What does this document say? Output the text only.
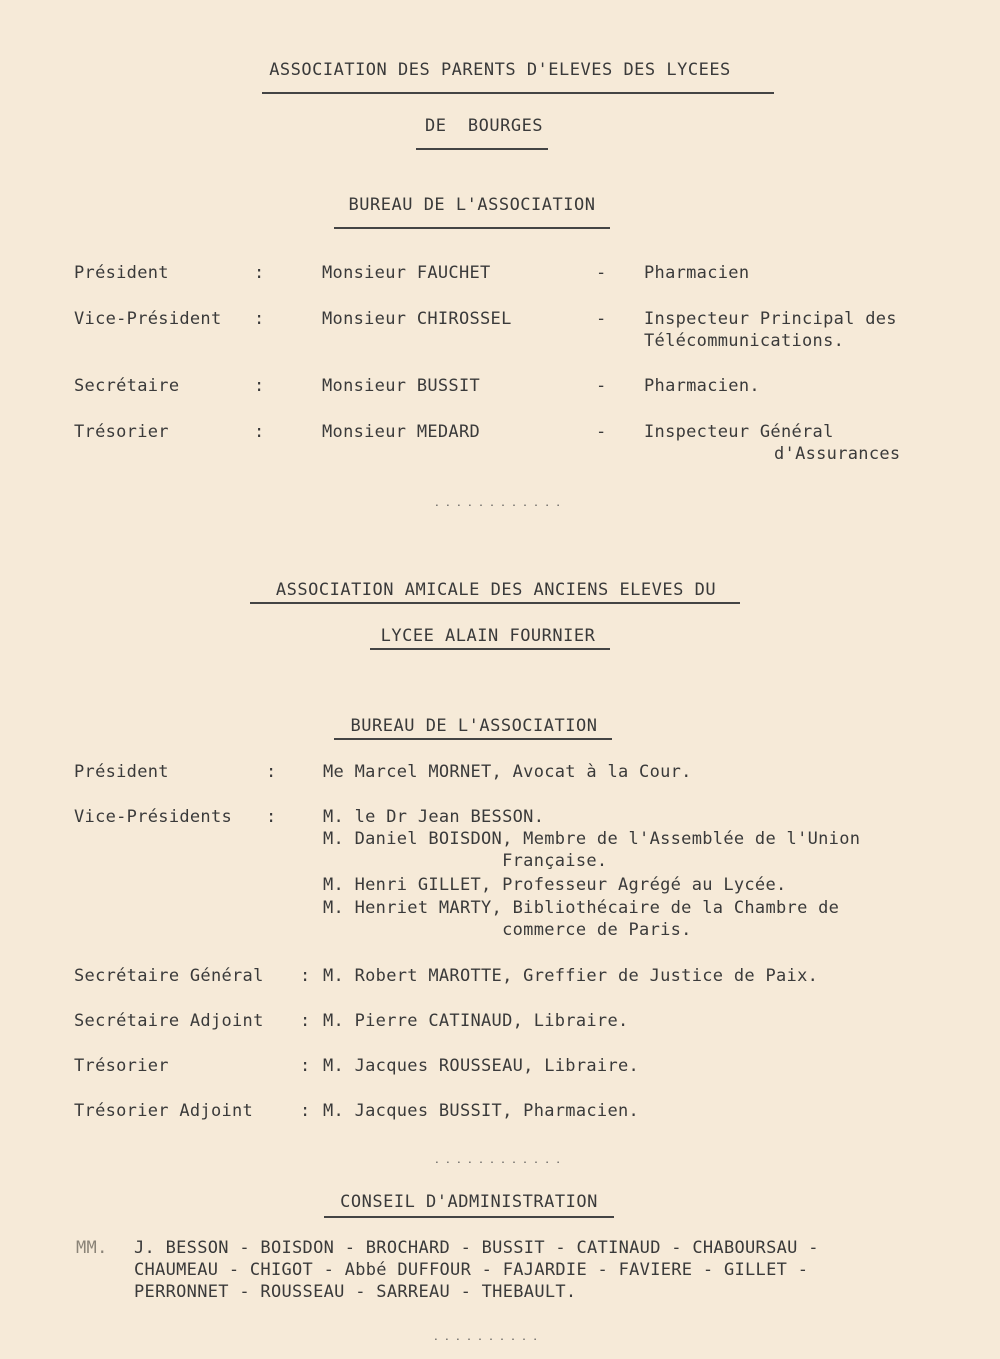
ASSOCIATION DES PARENTS D'ELEVES DES LYCEES
DE  BOURGES
BUREAU DE L'ASSOCIATION
Président	:	Monsieur FAUCHET	- Pharmacien
Vice-Président :	Monsieur CHIROSSEL	- Inspecteur Principal des
Télécommunications.
Secrétaire	:	Monsieur BUSSIT	- Pharmacien.
Trésorier	:	Monsieur MEDARD	- Inspecteur Général
d'Assurances
............
ASSOCIATION AMICALE DES ANCIENS ELEVES DU
LYCEE ALAIN FOURNIER
BUREAU DE L'ASSOCIATION
Président	:	Me Marcel MORNET, Avocat à la Cour.
Vice-Présidents :	M. le Dr Jean BESSON.
M. Daniel BOISDON, Membre de l'Assemblée de l'Union
Française.
M. Henri GILLET, Professeur Agrégé au Lycée.
M. Henriet MARTY, Bibliothécaire de la Chambre de
commerce de Paris.
Secrétaire Général : M. Robert MAROTTE, Greffier de Justice de Paix.
Secrétaire Adjoint : M. Pierre CATINAUD, Libraire.
Trésorier	: M. Jacques ROUSSEAU, Libraire.
Trésorier Adjoint	: M. Jacques BUSSIT, Pharmacien.
............
CONSEIL D'ADMINISTRATION
MM. J. BESSON - BOISDON - BROCHARD - BUSSIT - CATINAUD - CHABOURSAU -
CHAUMEAU - CHIGOT - Abbé DUFFOUR - FAJARDIE - FAVIERE - GILLET -
PERRONNET - ROUSSEAU - SARREAU - THEBAULT.
..........
